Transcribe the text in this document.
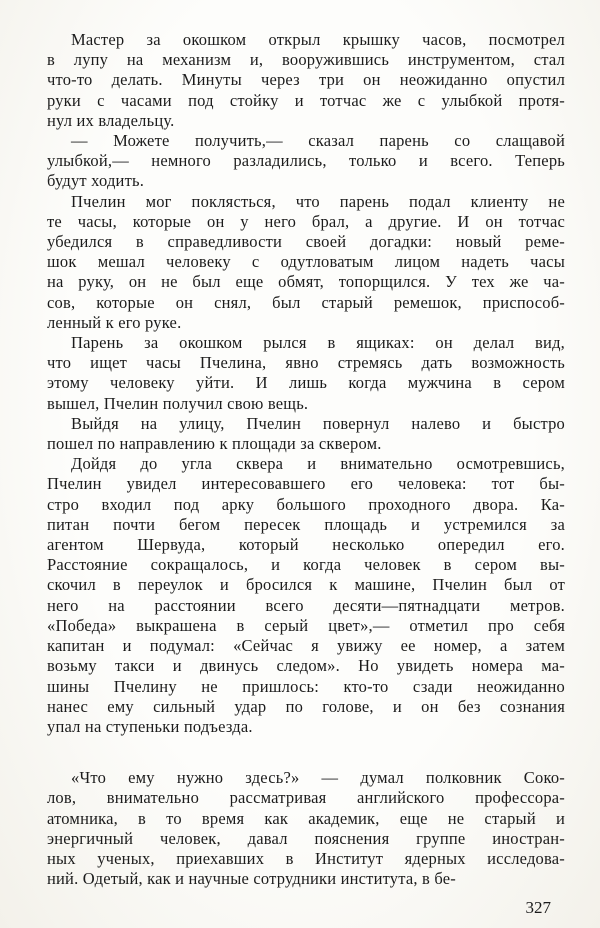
Мастер за окошком открыл крышку часов, посмотрел
в лупу на механизм и, вооружившись инструментом, стал
что-то делать. Минуты через три он неожиданно опустил
руки с часами под стойку и тотчас же с улыбкой протя-
нул их владельцу.
— Можете получить,— сказал парень со слащавой
улыбкой,— немного разладились, только и всего. Теперь
будут ходить.
Пчелин мог поклясться, что парень подал клиенту не
те часы, которые он у него брал, а другие. И он тотчас
убедился в справедливости своей догадки: новый реме-
шок мешал человеку с одутловатым лицом надеть часы
на руку, он не был еще обмят, топорщился. У тех же ча-
сов, которые он снял, был старый ремешок, приспособ-
ленный к его руке.
Парень за окошком рылся в ящиках: он делал вид,
что ищет часы Пчелина, явно стремясь дать возможность
этому человеку уйти. И лишь когда мужчина в сером
вышел, Пчелин получил свою вещь.
Выйдя на улицу, Пчелин повернул налево и быстро
пошел по направлению к площади за сквером.
Дойдя до угла сквера и внимательно осмотревшись,
Пчелин увидел интересовавшего его человека: тот бы-
стро входил под арку большого проходного двора. Ка-
питан почти бегом пересек площадь и устремился за
агентом Шервуда, который несколько опередил его.
Расстояние сокращалось, и когда человек в сером вы-
скочил в переулок и бросился к машине, Пчелин был от
него на расстоянии всего десяти—пятнадцати метров.
«Победа» выкрашена в серый цвет»,— отметил про себя
капитан и подумал: «Сейчас я увижу ее номер, а затем
возьму такси и двинусь следом». Но увидеть номера ма-
шины Пчелину не пришлось: кто-то сзади неожиданно
нанес ему сильный удар по голове, и он без сознания
упал на ступеньки подъезда.
«Что ему нужно здесь?» — думал полковник Соко-
лов, внимательно рассматривая английского профессора-
атомника, в то время как академик, еще не старый и
энергичный человек, давал пояснения группе иностран-
ных ученых, приехавших в Институт ядерных исследова-
ний. Одетый, как и научные сотрудники института, в бе-
327
